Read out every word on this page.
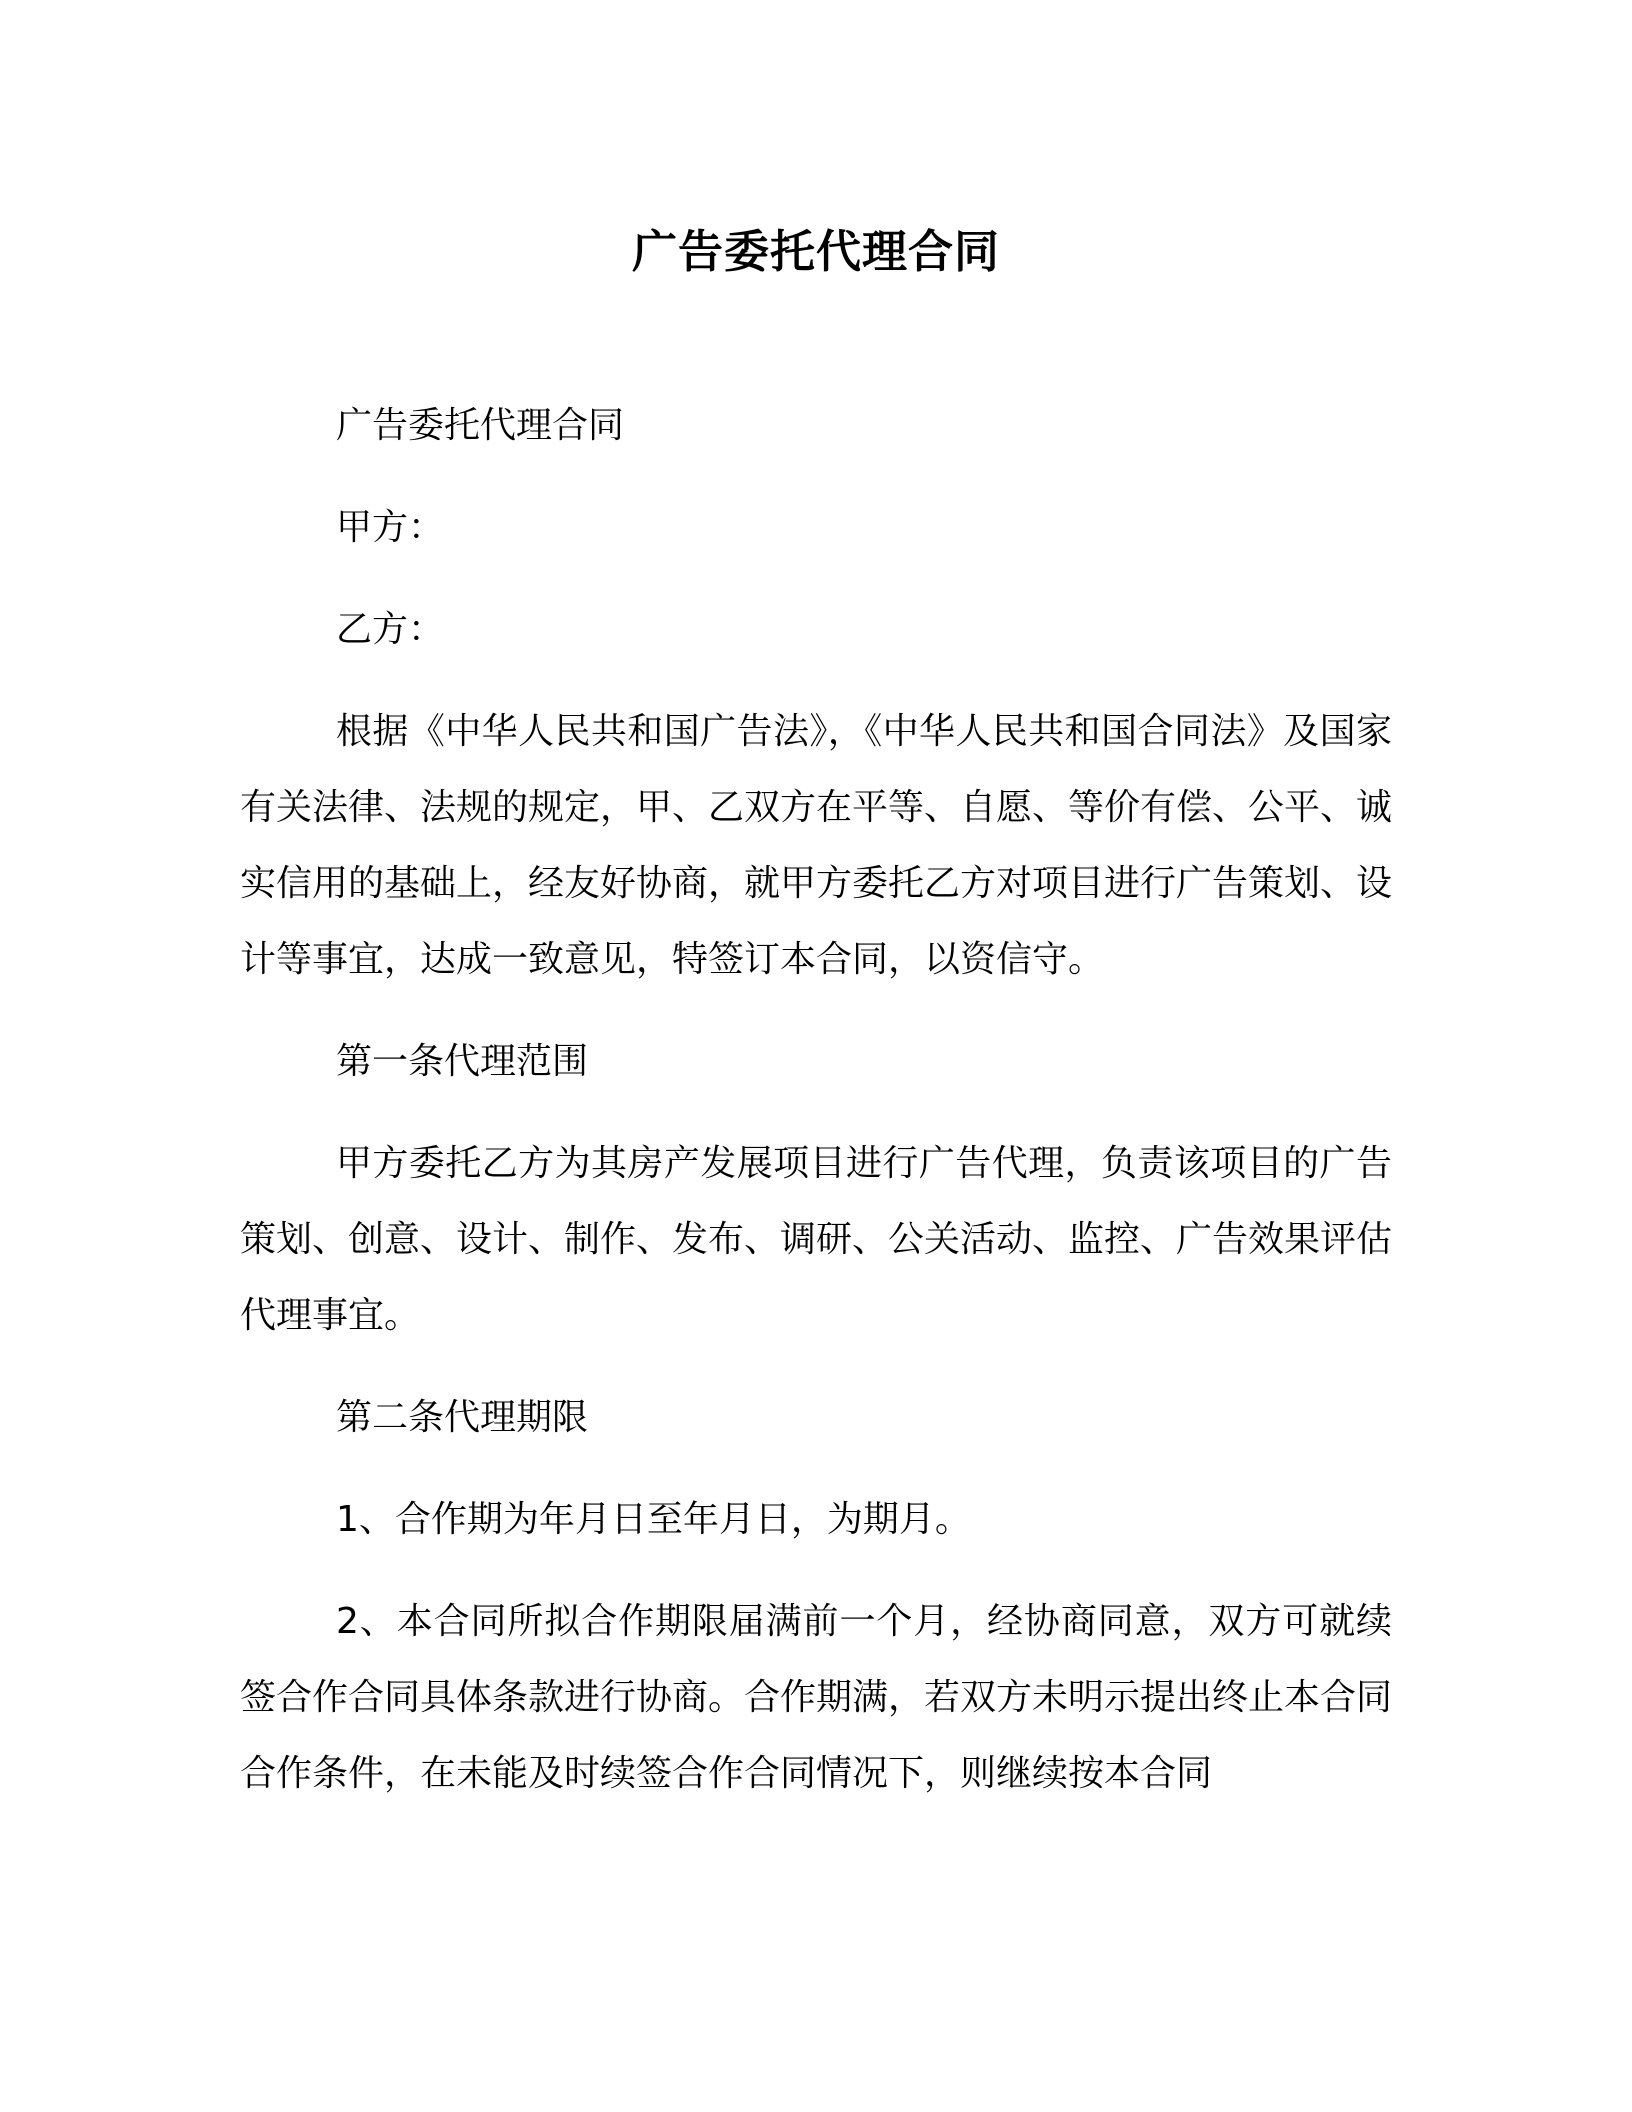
广告委托代理合同

广告委托代理合同

甲方：

乙方：

根据《中华人民共和国广告法》，《中华人民共和国合同法》及国家有关法律、法规的规定，甲、乙双方在平等、自愿、等价有偿、公平、诚实信用的基础上，经友好协商，就甲方委托乙方对项目进行广告策划、设计等事宜，达成一致意见，特签订本合同，以资信守。

第一条代理范围

甲方委托乙方为其房产发展项目进行广告代理，负责该项目的广告策划、创意、设计、制作、发布、调研、公关活动、监控、广告效果评估代理事宜。

第二条代理期限

1、合作期为年月日至年月日，为期月。

2、本合同所拟合作期限届满前一个月，经协商同意，双方可就续签合作合同具体条款进行协商。合作期满，若双方未明示提出终止本合同合作条件，在未能及时续签合作合同情况下，则继续按本合同
